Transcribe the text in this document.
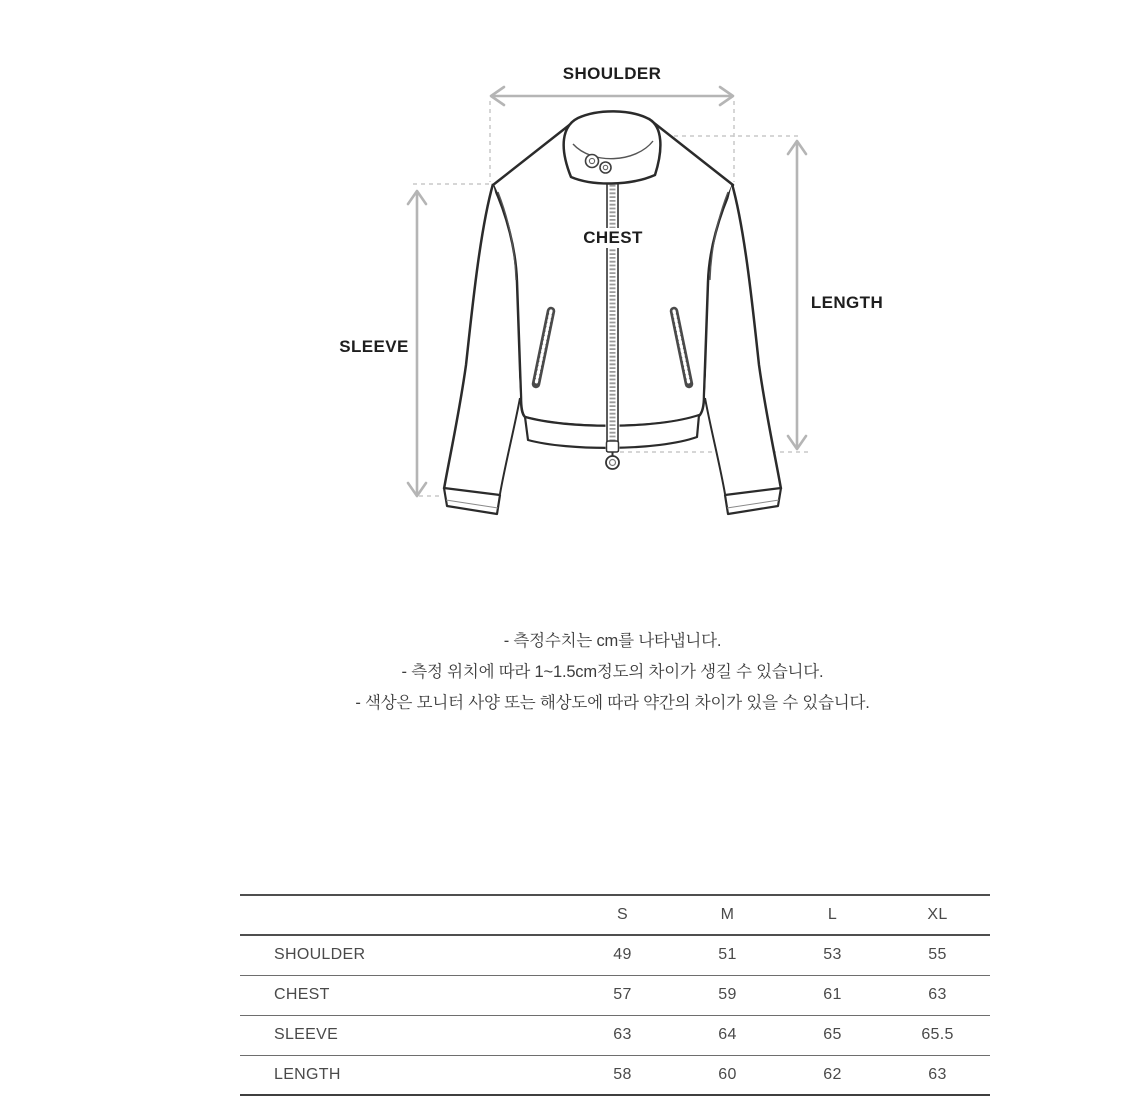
SHOULDER
CHEST
SLEEVE
LENGTH

- 측정수치는 cm를 나타냅니다.

- 측정 위치에 따라 1~1.5cm정도의 차이가 생길 수 있습니다.

- 색상은 모니터 사양 또는 해상도에 따라 약간의 차이가 있을 수 있습니다.

	S	M	L	XL
SHOULDER	49	51	53	55
CHEST	57	59	61	63
SLEEVE	63	64	65	65.5
LENGTH	58	60	62	63
